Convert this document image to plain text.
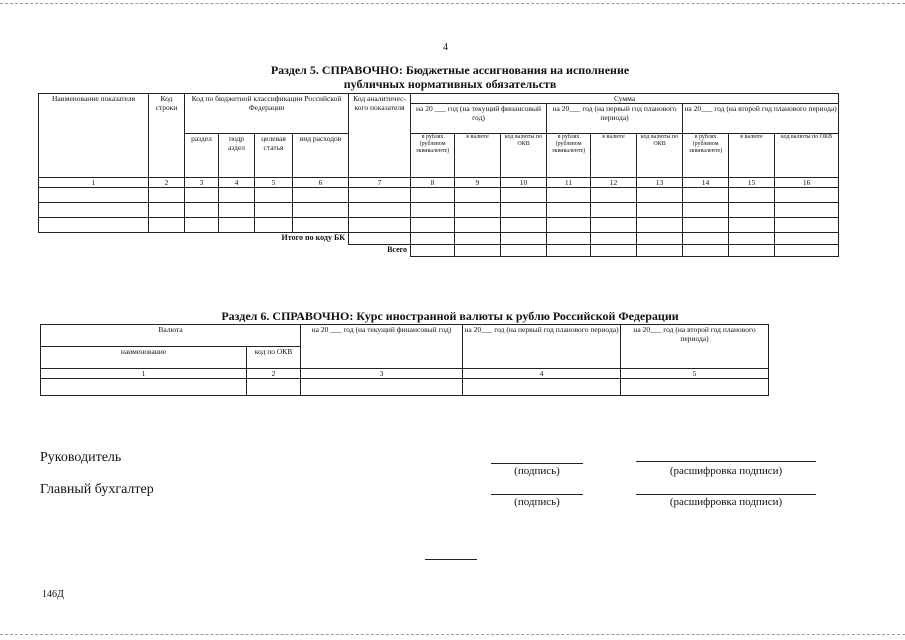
4
Раздел 5. СПРАВОЧНО: Бюджетные ассигнования на исполнение
публичных нормативных обязательств
Наименование показателя	Код строки	Код по бюджетной классификации Российской Федерации				Код аналитичес-кого показателя	Сумма								
							на 20 ___ год (на текущий финансовый год)			на 20___ год (на первый год планового периода)			на 20___ год (на второй год планового периода)		
		раздел	подр аздел	целевая статья	вид расходов		в рублях (рублевом эквиваленте)	в валюте	код валюты по ОКВ	в рублях (рублевом эквиваленте)	в валюте	код валюты по ОКВ	в рублях (рублевом эквиваленте)	в валюте	код валюты по ОКВ
1	2	3	4	5	6	7	8	9	10	11	12	13	14	15	16

Итого по коду БК															
Всего															
Раздел 6. СПРАВОЧНО: Курс иностранной валюты к рублю Российской Федерации
Валюта		на 20 ___ год (на текущий финансовый год)	на 20___ год (на первый год планового периода)	на 20___ год (на второй год планового периода)
наименование	код по ОКВ			
1	2	3	4	5

Руководитель
(подпись)	(расшифровка подписи)
Главный бухгалтер
(подпись)	(расшифровка подписи)
146Д
